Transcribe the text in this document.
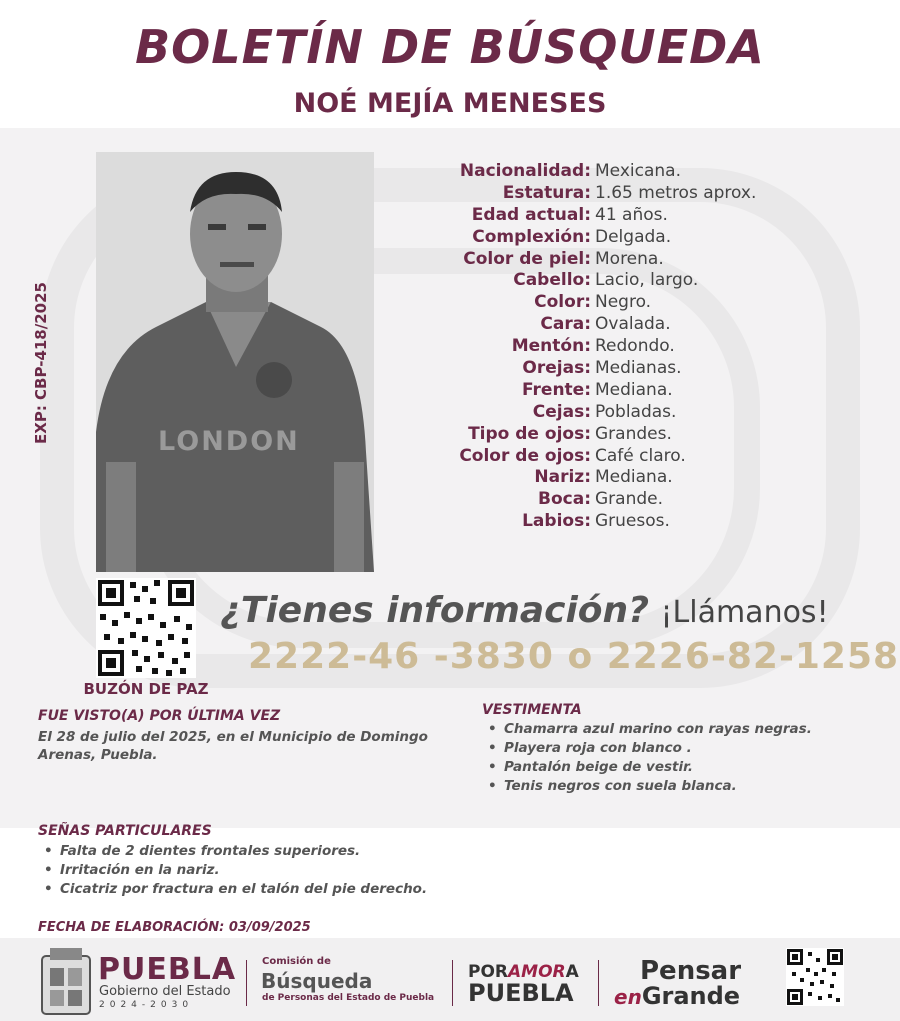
BOLETÍN DE BÚSQUEDA
NOÉ MEJÍA MENESES
EXP: CBP-418/2025	LONDON
Nacionalidad: Mexicana.
Estatura: 1.65 metros aprox.
Edad actual: 41 años.
Complexión: Delgada.
Color de piel: Morena.
Cabello: Lacio, largo.
Color: Negro.
Cara: Ovalada.
Mentón: Redondo.
Orejas: Medianas.
Frente: Mediana.
Cejas: Pobladas.
Tipo de ojos: Grandes.
Color de ojos: Café claro.
Nariz: Mediana.
Boca: Grande.
Labios: Gruesos.
BUZÓN DE PAZ
¿Tienes información? ¡Llámanos!
2222-46 -3830 o 2226-82-1258
FUE VISTO(A) POR ÚLTIMA VEZ
El 28 de julio del 2025, en el Municipio de Domingo Arenas, Puebla.
VESTIMENTA
• Chamarra azul marino con rayas negras.
• Playera roja con blanco .
• Pantalón beige de vestir.
• Tenis negros con suela blanca.
SEÑAS PARTICULARES
• Falta de 2 dientes frontales superiores.
• Irritación en la nariz.
• Cicatriz por fractura en el talón del pie derecho.
FECHA DE ELABORACIÓN: 03/09/2025
PUEBLA
Gobierno del Estado
2024-2030
Comisión de
Búsqueda
de Personas del Estado de Puebla
PORAMORA
PUEBLA
Pensar
enGrande
